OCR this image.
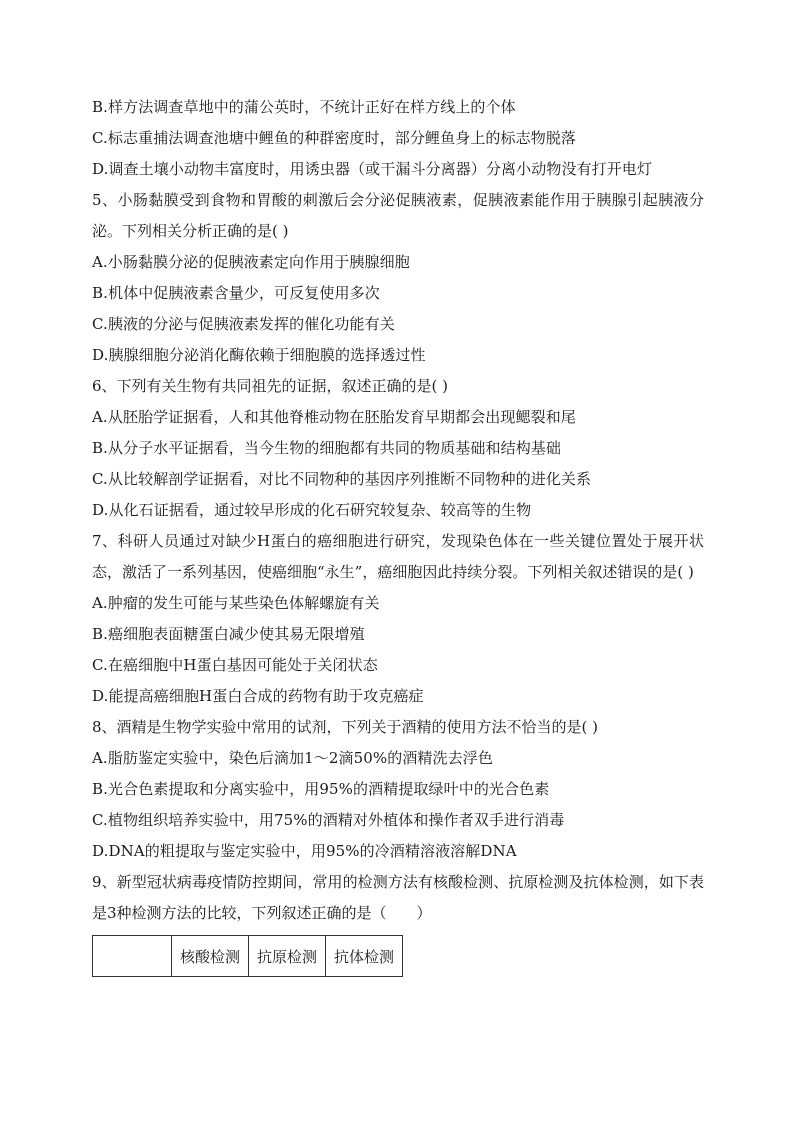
B.样方法调查草地中的蒲公英时，不统计正好在样方线上的个体
C.标志重捕法调查池塘中鲤鱼的种群密度时，部分鲤鱼身上的标志物脱落
D.调查土壤小动物丰富度时，用诱虫器（或干漏斗分离器）分离小动物没有打开电灯
5、小肠黏膜受到食物和胃酸的刺激后会分泌促胰液素，促胰液素能作用于胰腺引起胰液分泌。下列相关分析正确的是( )
A.小肠黏膜分泌的促胰液素定向作用于胰腺细胞
B.机体中促胰液素含量少，可反复使用多次
C.胰液的分泌与促胰液素发挥的催化功能有关
D.胰腺细胞分泌消化酶依赖于细胞膜的选择透过性
6、下列有关生物有共同祖先的证据，叙述正确的是( )
A.从胚胎学证据看，人和其他脊椎动物在胚胎发育早期都会出现鳃裂和尾
B.从分子水平证据看，当今生物的细胞都有共同的物质基础和结构基础
C.从比较解剖学证据看，对比不同物种的基因序列推断不同物种的进化关系
D.从化石证据看，通过较早形成的化石研究较复杂、较高等的生物
7、科研人员通过对缺少H蛋白的癌细胞进行研究，发现染色体在一些关键位置处于展开状态，激活了一系列基因，使癌细胞“永生”，癌细胞因此持续分裂。下列相关叙述错误的是( )
A.肿瘤的发生可能与某些染色体解螺旋有关
B.癌细胞表面糖蛋白减少使其易无限增殖
C.在癌细胞中H蛋白基因可能处于关闭状态
D.能提高癌细胞H蛋白合成的药物有助于攻克癌症
8、酒精是生物学实验中常用的试剂，下列关于酒精的使用方法不恰当的是( )
A.脂肪鉴定实验中，染色后滴加1～2滴50%的酒精洗去浮色
B.光合色素提取和分离实验中，用95%的酒精提取绿叶中的光合色素
C.植物组织培养实验中，用75%的酒精对外植体和操作者双手进行消毒
D.DNA的粗提取与鉴定实验中，用95%的冷酒精溶液溶解DNA
9、新型冠状病毒疫情防控期间，常用的检测方法有核酸检测、抗原检测及抗体检测，如下表是3种检测方法的比较，下列叙述正确的是（　　）
	核酸检测	抗原检测	抗体检测
